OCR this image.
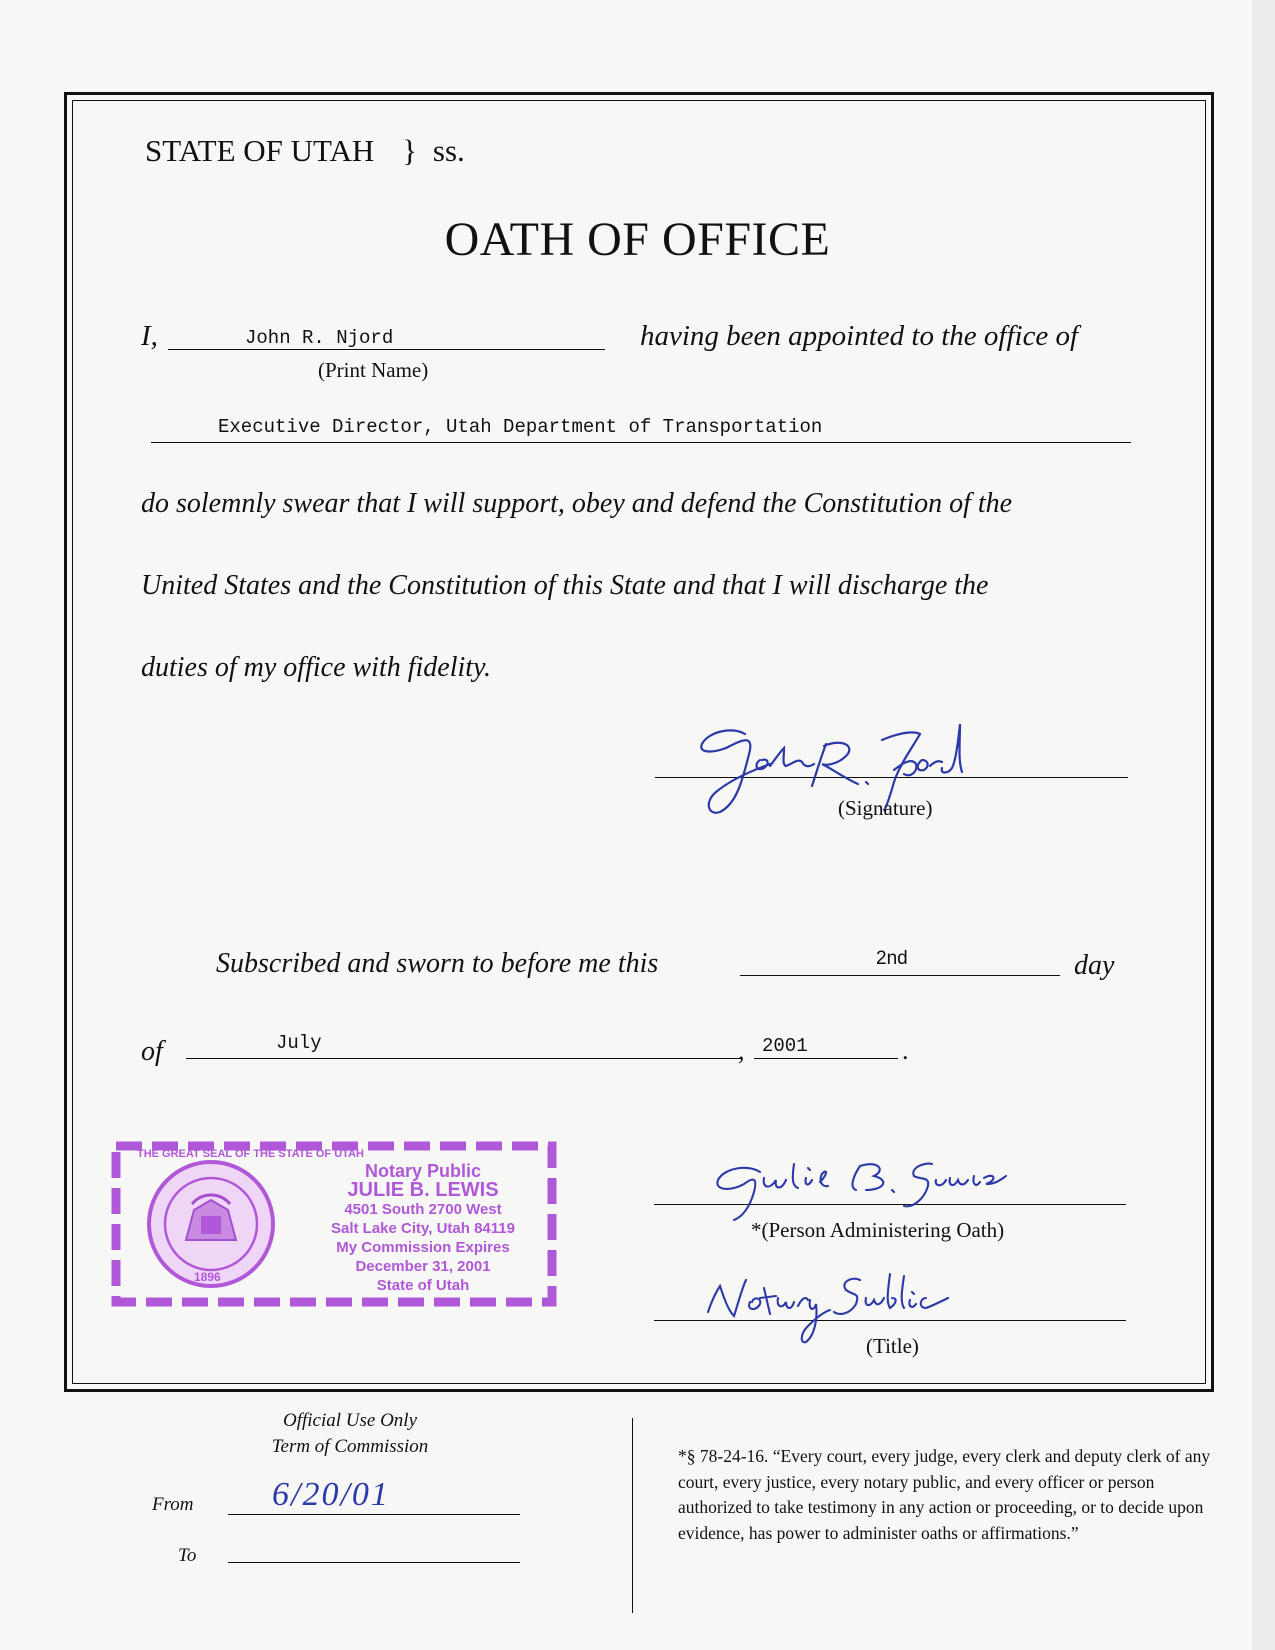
STATE OF UTAH } ss.
OATH OF OFFICE
I,	John R. Njord
(Print Name)
having been appointed to the office of
Executive Director, Utah Department of Transportation
do solemnly swear that I will support, obey and defend the Constitution of the
United States and the Constitution of this State and that I will discharge the
duties of my office with fidelity.
(Signature)
Subscribed and sworn to before me this	2nd	day
of	July	, 2001	.
THE GREAT SEAL OF THE STATE OF UTAH
1896
Notary Public
JULIE B. LEWIS
4501 South 2700 West
Salt Lake City, Utah 84119
My Commission Expires
December 31, 2001
State of Utah
*(Person Administering Oath)
(Title)
Official Use Only
Term of Commission
From 6/20/01
To
*§ 78-24-16. “Every court, every judge, every clerk and deputy clerk of any court, every justice, every notary public, and every officer or person authorized to take testimony in any action or proceeding, or to decide upon evidence, has power to administer oaths or affirmations.”
